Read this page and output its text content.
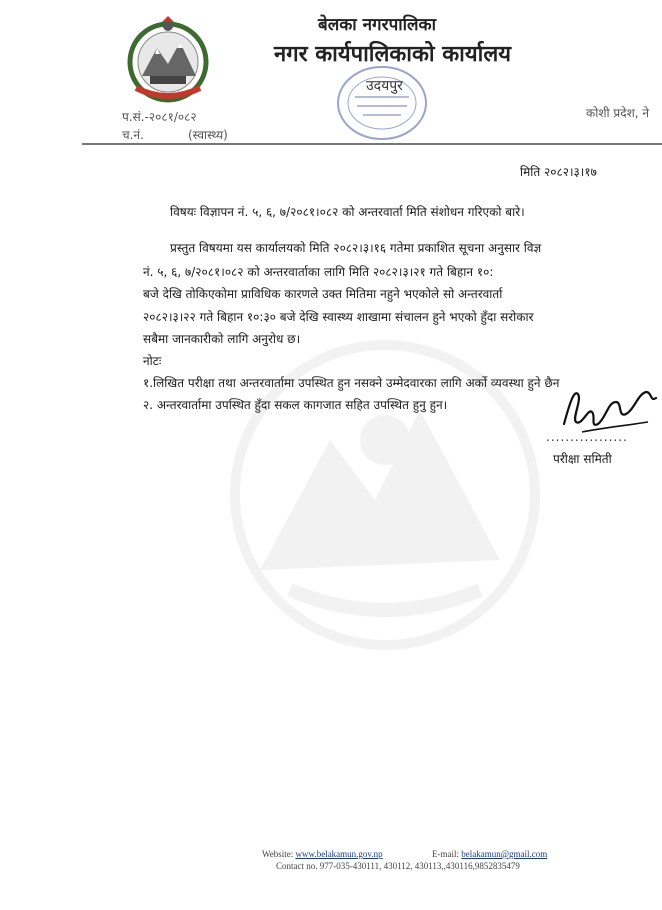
बेलका नगरपालिका
नगर कार्यपालिकाको कार्यालय
उदयपुर
प.सं.-२०८१/०८२
च.नं.	(स्वास्थ्य)
कोशी प्रदेश, ने
मिति २०८२।३।१७
विषयः विज्ञापन नं. ५, ६, ७/२०८१।०८२ को अन्तरवार्ता मिति संशोधन गरिएको बारे।
प्रस्तुत विषयमा यस कार्यालयको मिति २०८२।३।१६ गतेमा प्रकाशित सूचना अनुसार विज्ञ
नं. ५, ६, ७/२०८१।०८२ को अन्तरवार्ताका लागि मिति २०८२।३।२१ गते बिहान १०:
बजे देखि तोकिएकोमा प्राविधिक कारणले उक्त मितिमा नहुने भएकोले सो अन्तरवार्ता
२०८२।३।२२ गते बिहान १०:३० बजे देखि स्वास्थ्य शाखामा संचालन हुने भएको हुँदा सरोकार
सबैमा जानकारीको लागि अनुरोध छ।
नोटः
१.लिखित परीक्षा तथा अन्तरवार्तामा उपस्थित हुन नसक्ने उम्मेदवारका लागि अर्को व्यवस्था हुने छैन
२. अन्तरवार्तामा उपस्थित हुँदा सकल कागजात सहित उपस्थित हुनु हुन।
.................
परीक्षा समिती
Website: www.belakamun.gov.np	E-mail: belakamun@gmail.com
Contact no. 977-035-430111, 430112, 430113,,430116,9852835479
